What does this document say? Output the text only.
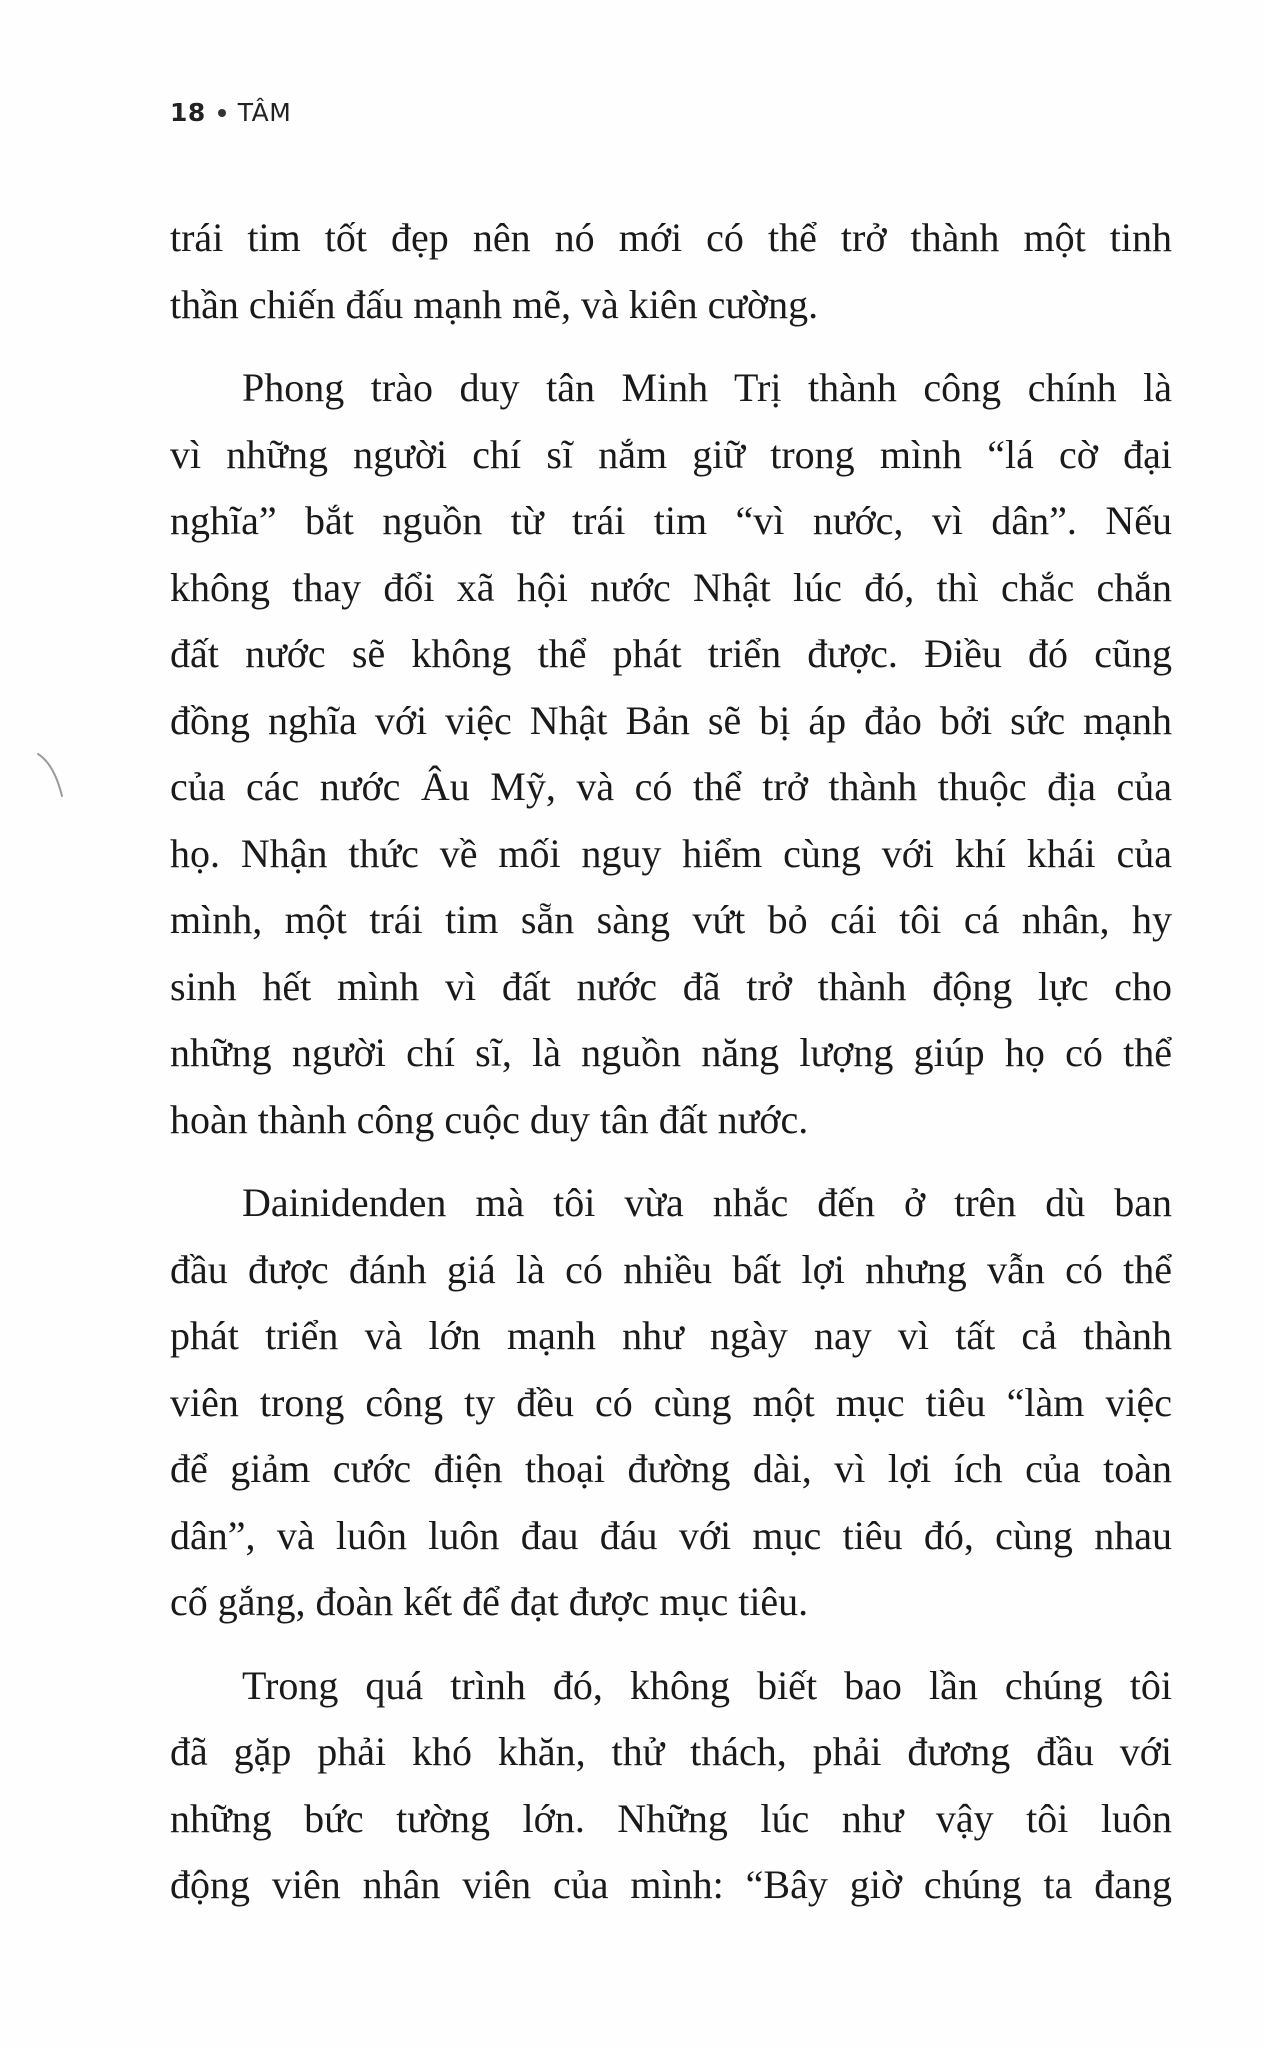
18 TÂM
trái tim tốt đẹp nên nó mới có thể trở thành một tinh
thần chiến đấu mạnh mẽ, và kiên cường.
Phong trào duy tân Minh Trị thành công chính là
vì những người chí sĩ nắm giữ trong mình “lá cờ đại
nghĩa” bắt nguồn từ trái tim “vì nước, vì dân”. Nếu
không thay đổi xã hội nước Nhật lúc đó, thì chắc chắn
đất nước sẽ không thể phát triển được. Điều đó cũng
đồng nghĩa với việc Nhật Bản sẽ bị áp đảo bởi sức mạnh
của các nước Âu Mỹ, và có thể trở thành thuộc địa của
họ. Nhận thức về mối nguy hiểm cùng với khí khái của
mình, một trái tim sẵn sàng vứt bỏ cái tôi cá nhân, hy
sinh hết mình vì đất nước đã trở thành động lực cho
những người chí sĩ, là nguồn năng lượng giúp họ có thể
hoàn thành công cuộc duy tân đất nước.
Dainidenden mà tôi vừa nhắc đến ở trên dù ban
đầu được đánh giá là có nhiều bất lợi nhưng vẫn có thể
phát triển và lớn mạnh như ngày nay vì tất cả thành
viên trong công ty đều có cùng một mục tiêu “làm việc
để giảm cước điện thoại đường dài, vì lợi ích của toàn
dân”, và luôn luôn đau đáu với mục tiêu đó, cùng nhau
cố gắng, đoàn kết để đạt được mục tiêu.
Trong quá trình đó, không biết bao lần chúng tôi
đã gặp phải khó khăn, thử thách, phải đương đầu với
những bức tường lớn. Những lúc như vậy tôi luôn
động viên nhân viên của mình: “Bây giờ chúng ta đang
